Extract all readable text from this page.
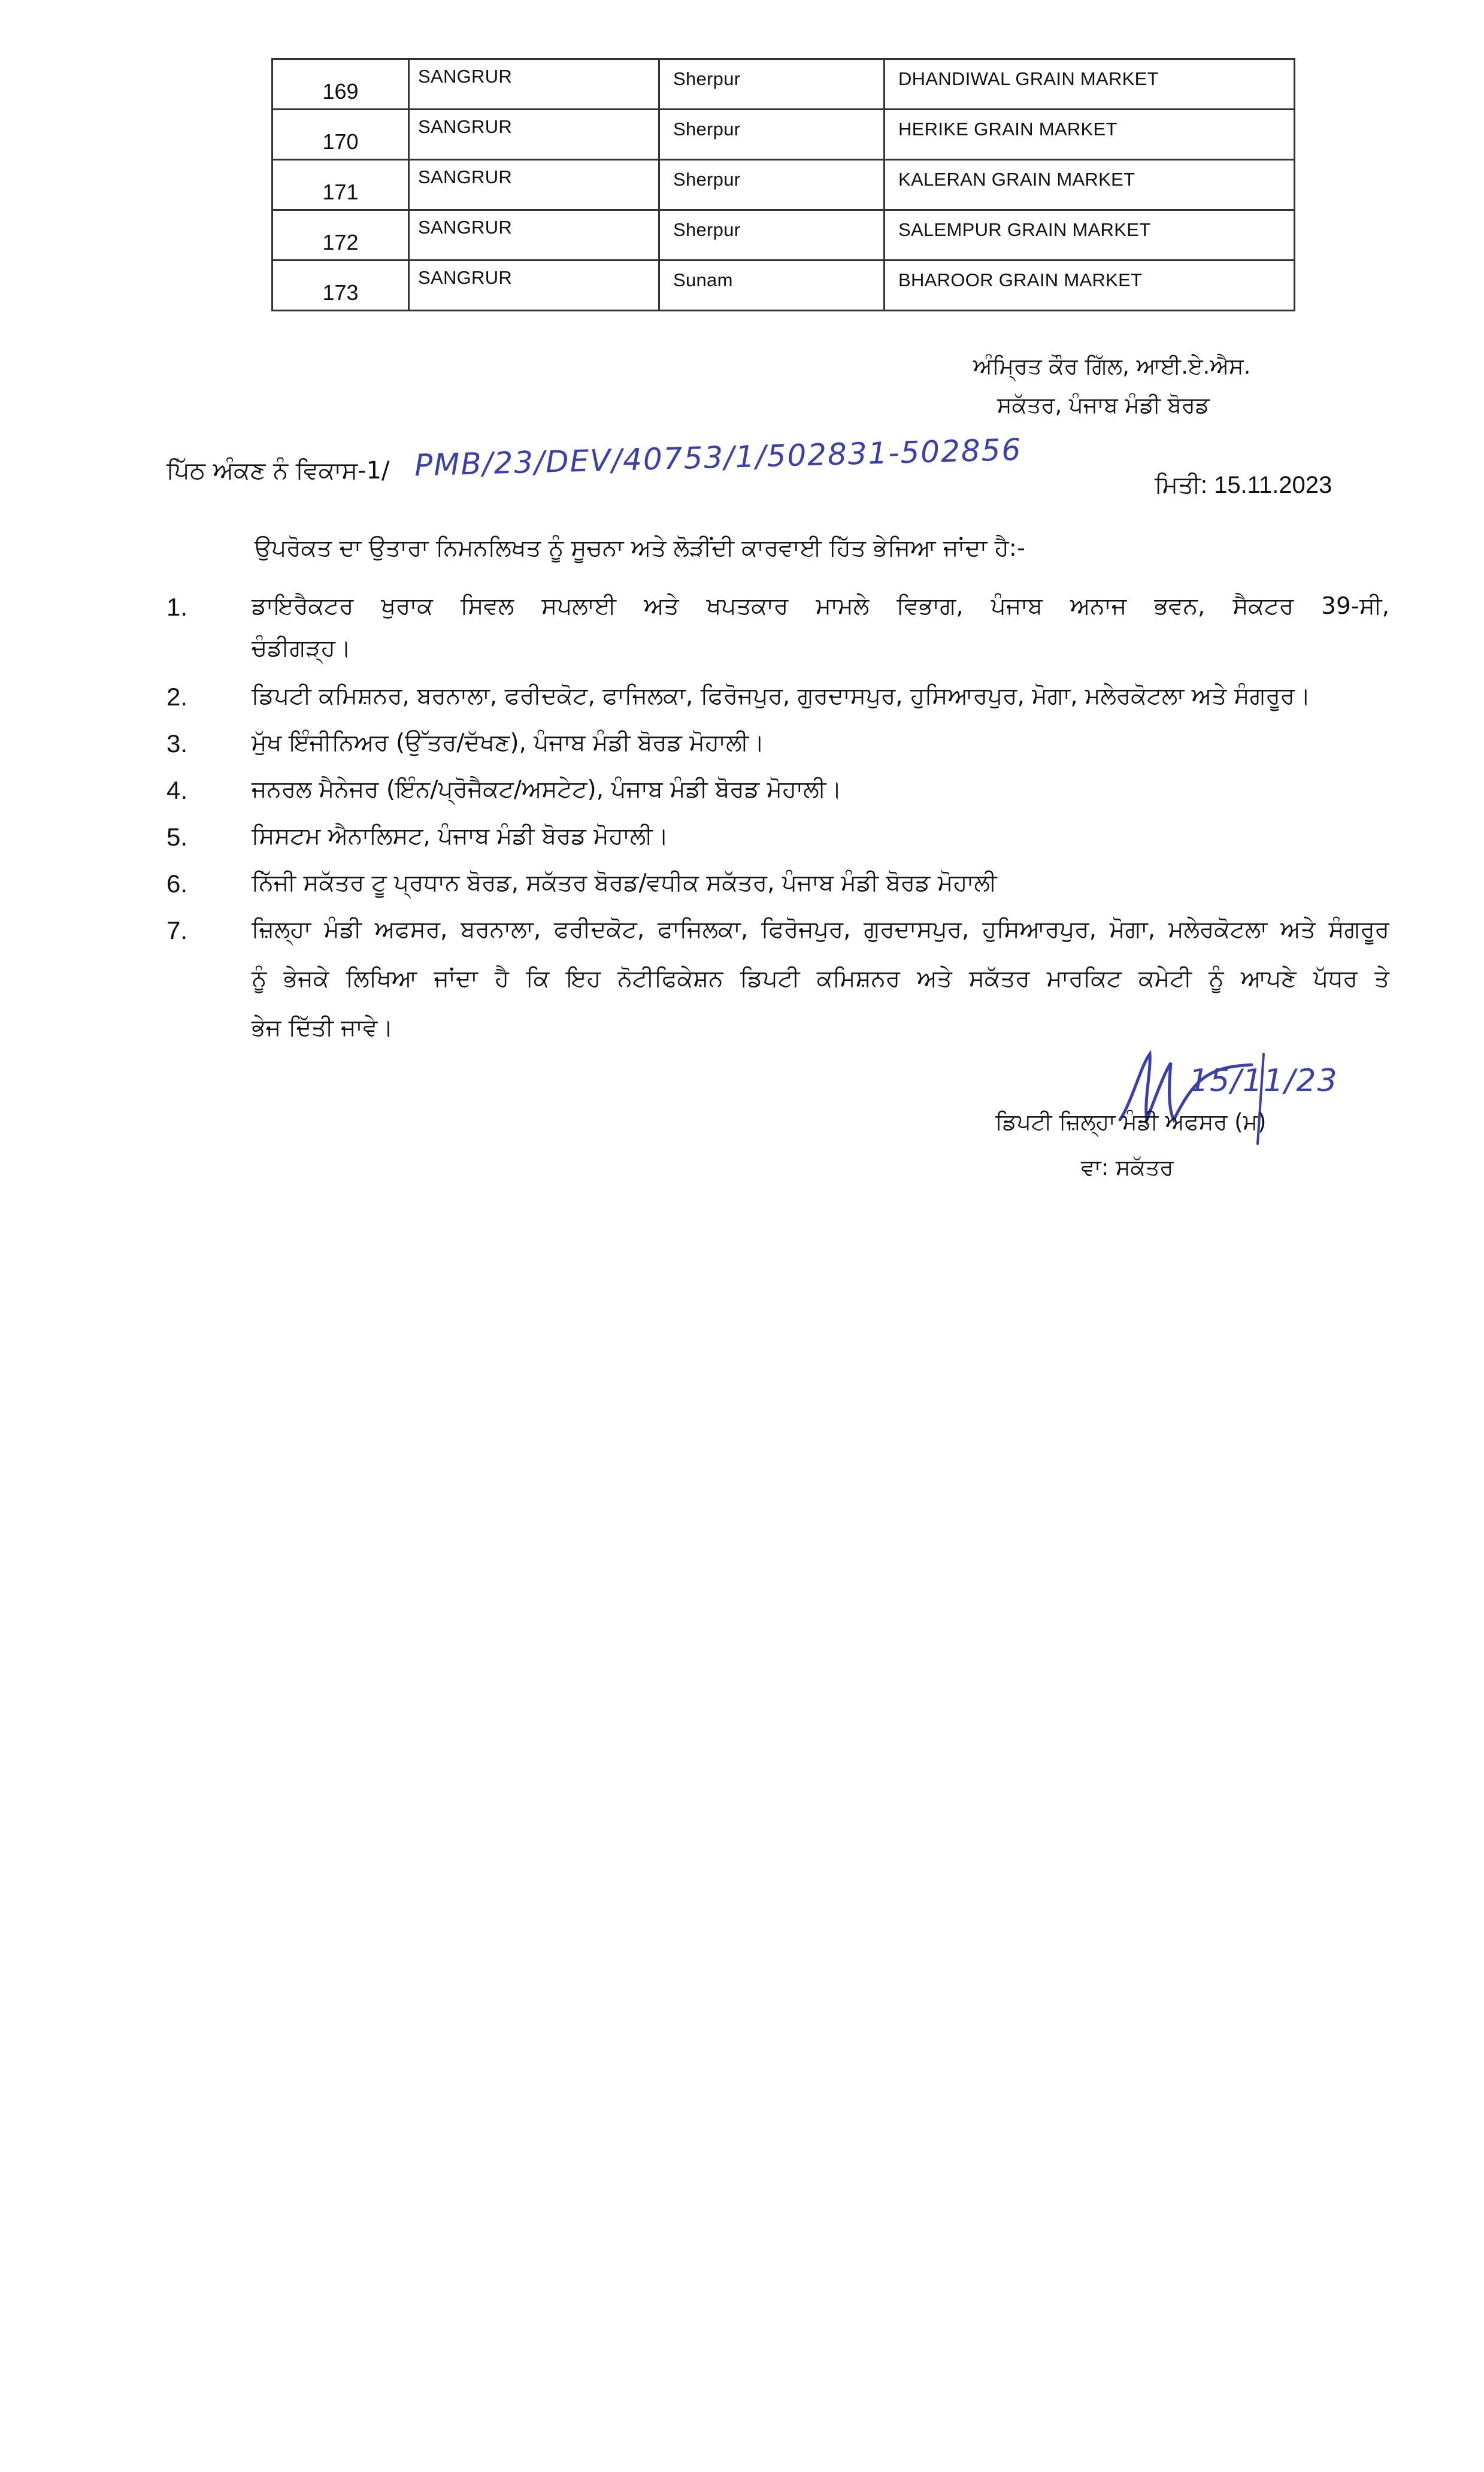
169	SANGRUR	Sherpur	DHANDIWAL GRAIN MARKET

170	SANGRUR	Sherpur	HERIKE GRAIN MARKET

171	SANGRUR	Sherpur	KALERAN GRAIN MARKET

172	SANGRUR	Sherpur	SALEMPUR GRAIN MARKET

173	SANGRUR	Sunam	BHAROOR GRAIN MARKET
ਅੰਮ੍ਰਿਤ ਕੌਰ ਗਿੱਲ, ਆਈ.ਏ.ਐਸ.
ਸਕੱਤਰ, ਪੰਜਾਬ ਮੰਡੀ ਬੋਰਡ
ਪਿੱਠ ਅੰਕਣ ਨੰ ਵਿਕਾਸ-1/ PMB/23/DEV/40753/1/502831-502856
ਮਿਤੀ: 15.11.2023
ਉਪਰੋਕਤ ਦਾ ਉਤਾਰਾ ਨਿਮਨਲਿਖਤ ਨੂੰ ਸੂਚਨਾ ਅਤੇ ਲੋੜੀਂਦੀ ਕਾਰਵਾਈ ਹਿੱਤ ਭੇਜਿਆ ਜਾਂਦਾ ਹੈ:-
1.	ਡਾਇਰੈਕਟਰ ਖੁਰਾਕ ਸਿਵਲ ਸਪਲਾਈ ਅਤੇ ਖਪਤਕਾਰ ਮਾਮਲੇ ਵਿਭਾਗ, ਪੰਜਾਬ ਅਨਾਜ ਭਵਨ, ਸੈਕਟਰ 39-ਸੀ,
ਚੰਡੀਗੜ੍ਹ।
2.	ਡਿਪਟੀ ਕਮਿਸ਼ਨਰ, ਬਰਨਾਲਾ, ਫਰੀਦਕੋਟ, ਫਾਜਿਲਕਾ, ਫਿਰੋਜਪੁਰ, ਗੁਰਦਾਸਪੁਰ, ਹੁਸਿਆਰਪੁਰ, ਮੋਗਾ, ਮਲੇਰਕੋਟਲਾ ਅਤੇ ਸੰਗਰੂਰ।
3.	ਮੁੱਖ ਇੰਜੀਨਿਅਰ (ਉੱਤਰ/ਦੱਖਣ), ਪੰਜਾਬ ਮੰਡੀ ਬੋਰਡ ਮੋਹਾਲੀ।
4.	ਜਨਰਲ ਮੈਨੇਜਰ (ਇੰਨ/ਪ੍ਰੋਜੈਕਟ/ਅਸਟੇਟ), ਪੰਜਾਬ ਮੰਡੀ ਬੋਰਡ ਮੋਹਾਲੀ।
5.	ਸਿਸਟਮ ਐਨਾਲਿਸਟ, ਪੰਜਾਬ ਮੰਡੀ ਬੋਰਡ ਮੋਹਾਲੀ।
6.	ਨਿੱਜੀ ਸਕੱਤਰ ਟੂ ਪ੍ਰਧਾਨ ਬੋਰਡ, ਸਕੱਤਰ ਬੋਰਡ/ਵਧੀਕ ਸਕੱਤਰ, ਪੰਜਾਬ ਮੰਡੀ ਬੋਰਡ ਮੋਹਾਲੀ
7.	ਜ਼ਿਲ੍ਹਾ ਮੰਡੀ ਅਫਸਰ, ਬਰਨਾਲਾ, ਫਰੀਦਕੋਟ, ਫਾਜਿਲਕਾ, ਫਿਰੋਜਪੁਰ, ਗੁਰਦਾਸਪੁਰ, ਹੁਸਿਆਰਪੁਰ, ਮੋਗਾ, ਮਲੇਰਕੋਟਲਾ ਅਤੇ ਸੰਗਰੂਰ
ਨੂੰ ਭੇਜਕੇ ਲਿਖਿਆ ਜਾਂਦਾ ਹੈ ਕਿ ਇਹ ਨੋਟੀਫਿਕੇਸ਼ਨ ਡਿਪਟੀ ਕਮਿਸ਼ਨਰ ਅਤੇ ਸਕੱਤਰ ਮਾਰਕਿਟ ਕਮੇਟੀ ਨੂੰ ਆਪਣੇ ਪੱਧਰ ਤੇ
ਭੇਜ ਦਿੱਤੀ ਜਾਵੇ।
15/11/23
ਡਿਪਟੀ ਜ਼ਿਲ੍ਹਾ ਮੰਡੀ ਅਫਸਰ (ਮ)
ਵਾ: ਸਕੱਤਰ
